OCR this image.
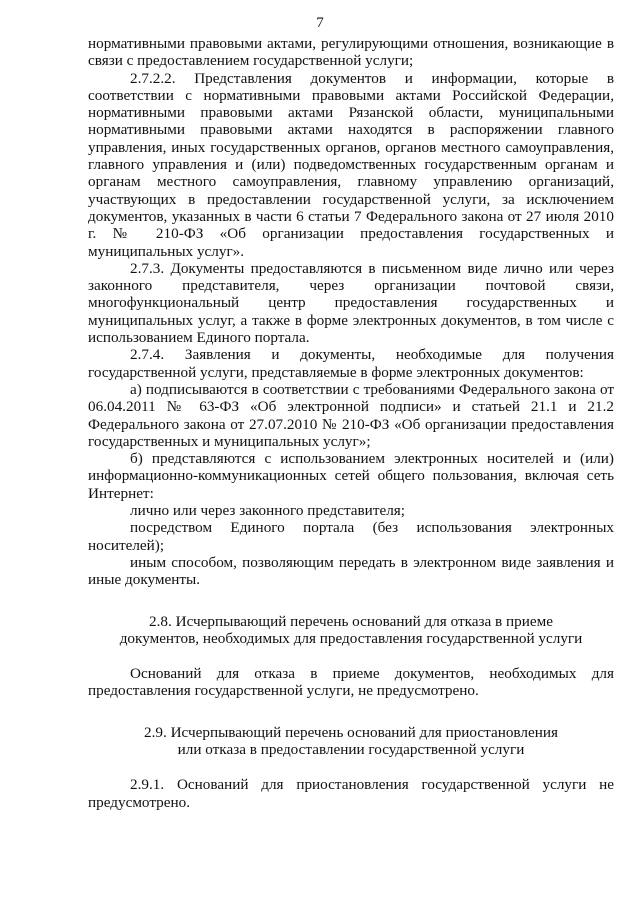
7

нормативными правовыми актами, регулирующими отношения, возникающие в связи с предоставлением государственной услуги;

2.7.2.2. Представления документов и информации, которые в соответствии с нормативными правовыми актами Российской Федерации, нормативными правовыми актами Рязанской области, муниципальными нормативными правовыми актами находятся в распоряжении главного управления, иных государственных органов, органов местного самоуправления, главного управления и (или) подведомственных государственным органам и органам местного самоуправления, главному управлению организаций, участвующих в предоставлении государственной услуги, за исключением документов, указанных в части 6 статьи 7 Федерального закона от 27 июля 2010 г. № 210-ФЗ «Об организации предоставления государственных и муниципальных услуг».

2.7.3. Документы предоставляются в письменном виде лично или через законного представителя, через организации почтовой связи, многофункциональный центр предоставления государственных и муниципальных услуг, а также в форме электронных документов, в том числе с использованием Единого портала.

2.7.4. Заявления и документы, необходимые для получения государственной услуги, представляемые в форме электронных документов:

а) подписываются в соответствии с требованиями Федерального закона от 06.04.2011 № 63-ФЗ «Об электронной подписи» и статьей 21.1 и 21.2 Федерального закона от 27.07.2010 № 210-ФЗ «Об организации предоставления государственных и муниципальных услуг»;

б) представляются с использованием электронных носителей и (или) информационно-коммуникационных сетей общего пользования, включая сеть Интернет:

лично или через законного представителя;

посредством Единого портала (без использования электронных носителей);

иным способом, позволяющим передать в электронном виде заявления и иные документы.

2.8. Исчерпывающий перечень оснований для отказа в приеме

документов, необходимых для предоставления государственной услуги

Оснований для отказа в приеме документов, необходимых для предоставления государственной услуги, не предусмотрено.

2.9. Исчерпывающий перечень оснований для приостановления

или отказа в предоставлении государственной услуги

2.9.1. Оснований для приостановления государственной услуги не предусмотрено.
